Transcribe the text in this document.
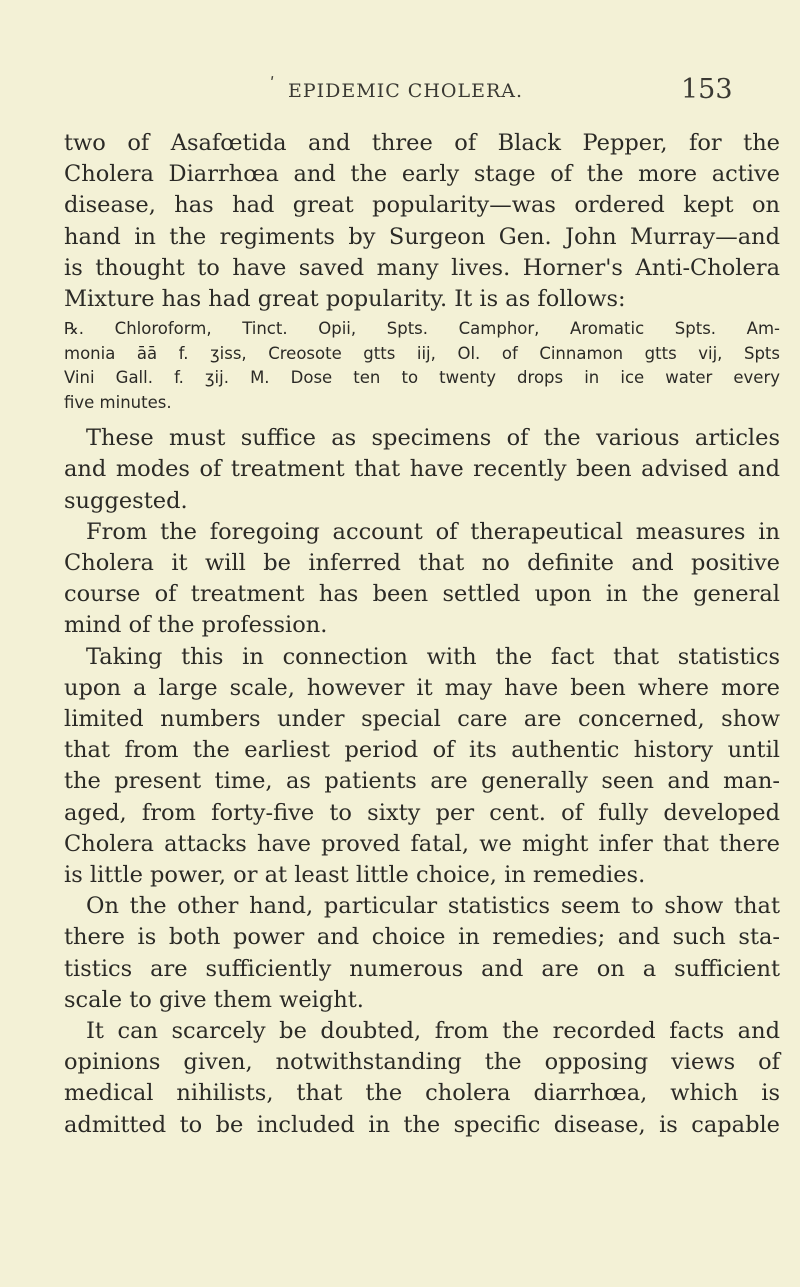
ʹ EPIDEMIC CHOLERA.	153
two of Asafœtida and three of Black Pepper, for the
Cholera Diarrhœa and the early stage of the more active
disease, has had great popularity—was ordered kept on
hand in the regiments by Surgeon Gen. John Murray—and
is thought to have saved many lives. Horner's Anti-Cholera
Mixture has had great popularity. It is as follows:
℞. Chloroform, Tinct. Opii, Spts. Camphor, Aromatic Spts. Am-
monia āā f. ʒiss, Creosote gtts iij, Ol. of Cinnamon gtts vij, Spts
Vini Gall. f. ʒij. M. Dose ten to twenty drops in ice water every
five minutes.
These must suffice as specimens of the various articles
and modes of treatment that have recently been advised and
suggested.
From the foregoing account of therapeutical measures in
Cholera it will be inferred that no definite and positive
course of treatment has been settled upon in the general
mind of the profession.
Taking this in connection with the fact that statistics
upon a large scale, however it may have been where more
limited numbers under special care are concerned, show
that from the earliest period of its authentic history until
the present time, as patients are generally seen and man-
aged, from forty-five to sixty per cent. of fully developed
Cholera attacks have proved fatal, we might infer that there
is little power, or at least little choice, in remedies.
On the other hand, particular statistics seem to show that
there is both power and choice in remedies; and such sta-
tistics are sufficiently numerous and are on a sufficient
scale to give them weight.
It can scarcely be doubted, from the recorded facts and
opinions given, notwithstanding the opposing views of
medical nihilists, that the cholera diarrhœa, which is
admitted to be included in the specific disease, is capable
